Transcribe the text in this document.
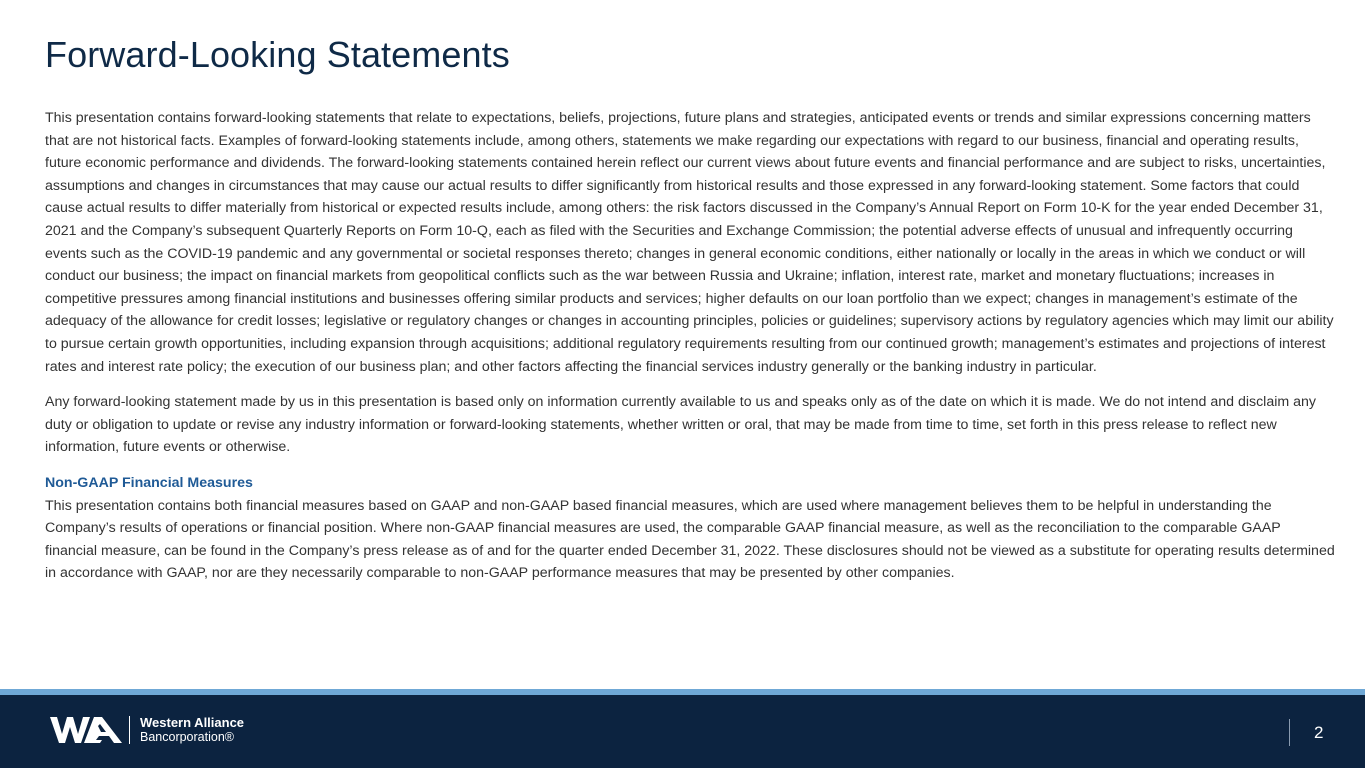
Forward-Looking Statements

This presentation contains forward-looking statements that relate to expectations, beliefs, projections, future plans and strategies, anticipated events or trends and similar expressions concerning matters that are not historical facts. Examples of forward-looking statements include, among others, statements we make regarding our expectations with regard to our business, financial and operating results, future economic performance and dividends. The forward-looking statements contained herein reflect our current views about future events and financial performance and are subject to risks, uncertainties, assumptions and changes in circumstances that may cause our actual results to differ significantly from historical results and those expressed in any forward-looking statement. Some factors that could cause actual results to differ materially from historical or expected results include, among others: the risk factors discussed in the Company’s Annual Report on Form 10-K for the year ended December 31, 2021 and the Company’s subsequent Quarterly Reports on Form 10-Q, each as filed with the Securities and Exchange Commission; the potential adverse effects of unusual and infrequently occurring events such as the COVID-19 pandemic and any governmental or societal responses thereto; changes in general economic conditions, either nationally or locally in the areas in which we conduct or will conduct our business; the impact on financial markets from geopolitical conflicts such as the war between Russia and Ukraine; inflation, interest rate, market and monetary fluctuations; increases in competitive pressures among financial institutions and businesses offering similar products and services; higher defaults on our loan portfolio than we expect; changes in management’s estimate of the adequacy of the allowance for credit losses; legislative or regulatory changes or changes in accounting principles, policies or guidelines; supervisory actions by regulatory agencies which may limit our ability to pursue certain growth opportunities, including expansion through acquisitions; additional regulatory requirements resulting from our continued growth; management’s estimates and projections of interest rates and interest rate policy; the execution of our business plan; and other factors affecting the financial services industry generally or the banking industry in particular.

Any forward-looking statement made by us in this presentation is based only on information currently available to us and speaks only as of the date on which it is made. We do not intend and disclaim any duty or obligation to update or revise any industry information or forward-looking statements, whether written or oral, that may be made from time to time, set forth in this press release to reflect new information, future events or otherwise.

Non-GAAP Financial Measures

This presentation contains both financial measures based on GAAP and non-GAAP based financial measures, which are used where management believes them to be helpful in understanding the Company’s results of operations or financial position. Where non-GAAP financial measures are used, the comparable GAAP financial measure, as well as the reconciliation to the comparable GAAP financial measure, can be found in the Company’s press release as of and for the quarter ended December 31, 2022. These disclosures should not be viewed as a substitute for operating results determined in accordance with GAAP, nor are they necessarily comparable to non-GAAP performance measures that may be presented by other companies.

Western Alliance
Bancorporation®	2
